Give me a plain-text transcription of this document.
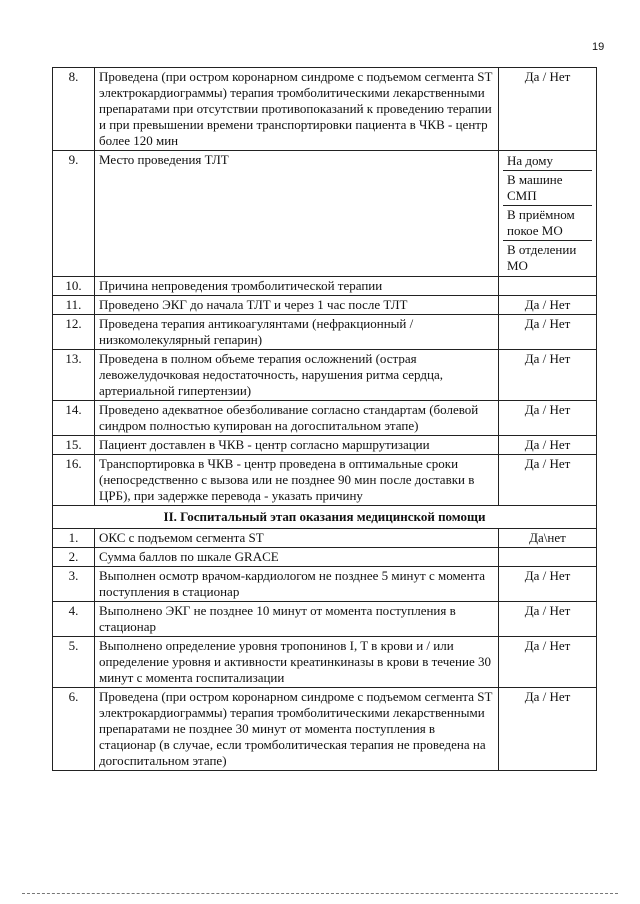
19
8.	Проведена (при остром коронарном синдроме с подъемом сегмента ST электрокардиограммы) терапия тромболитическими лекарственными препаратами при отсутствии противопоказаний к проведению терапии и при превышении времени транспортировки пациента в ЧКВ - центр более 120 мин	Да / Нет
9.	Место проведения ТЛТ	На дому
В машине СМП
В приёмном покое МО
В отделении МО

10.	Причина непроведения тромболитической терапии	
11.	Проведено ЭКГ до начала ТЛТ и через 1 час после ТЛТ	Да / Нет
12.	Проведена терапия антикоагулянтами (нефракционный / низкомолекулярный гепарин)	Да / Нет
13.	Проведена в полном объеме терапия осложнений (острая левожелудочковая недостаточность, нарушения ритма сердца, артериальной гипертензии)	Да / Нет
14.	Проведено адекватное обезболивание согласно стандартам (болевой синдром полностью купирован на догоспитальном этапе)	Да / Нет
15.	Пациент доставлен в ЧКВ - центр согласно маршрутизации	Да / Нет
16.	Транспортировка в ЧКВ - центр проведена в оптимальные сроки (непосредственно с вызова или не позднее 90 мин после доставки в ЦРБ), при задержке перевода - указать причину	Да / Нет
II. Госпитальный этап оказания медицинской помощи		
1.	ОКС с подъемом сегмента ST	Да\нет
2.	Сумма баллов по шкале GRACE	
3.	Выполнен осмотр врачом-кардиологом не позднее 5 минут с момента поступления в стационар	Да / Нет
4.	Выполнено ЭКГ не позднее 10 минут от момента поступления в стационар	Да / Нет
5.	Выполнено определение уровня тропонинов I, T в крови и / или определение уровня и активности креатинкиназы в крови в течение 30 минут с момента госпитализации	Да / Нет
6.	Проведена (при остром коронарном синдроме с подъемом сегмента ST электрокардиограммы) терапия тромболитическими лекарственными препаратами не позднее 30 минут от момента поступления в стационар (в случае, если тромболитическая терапия не проведена на догоспитальном этапе)	Да / Нет
